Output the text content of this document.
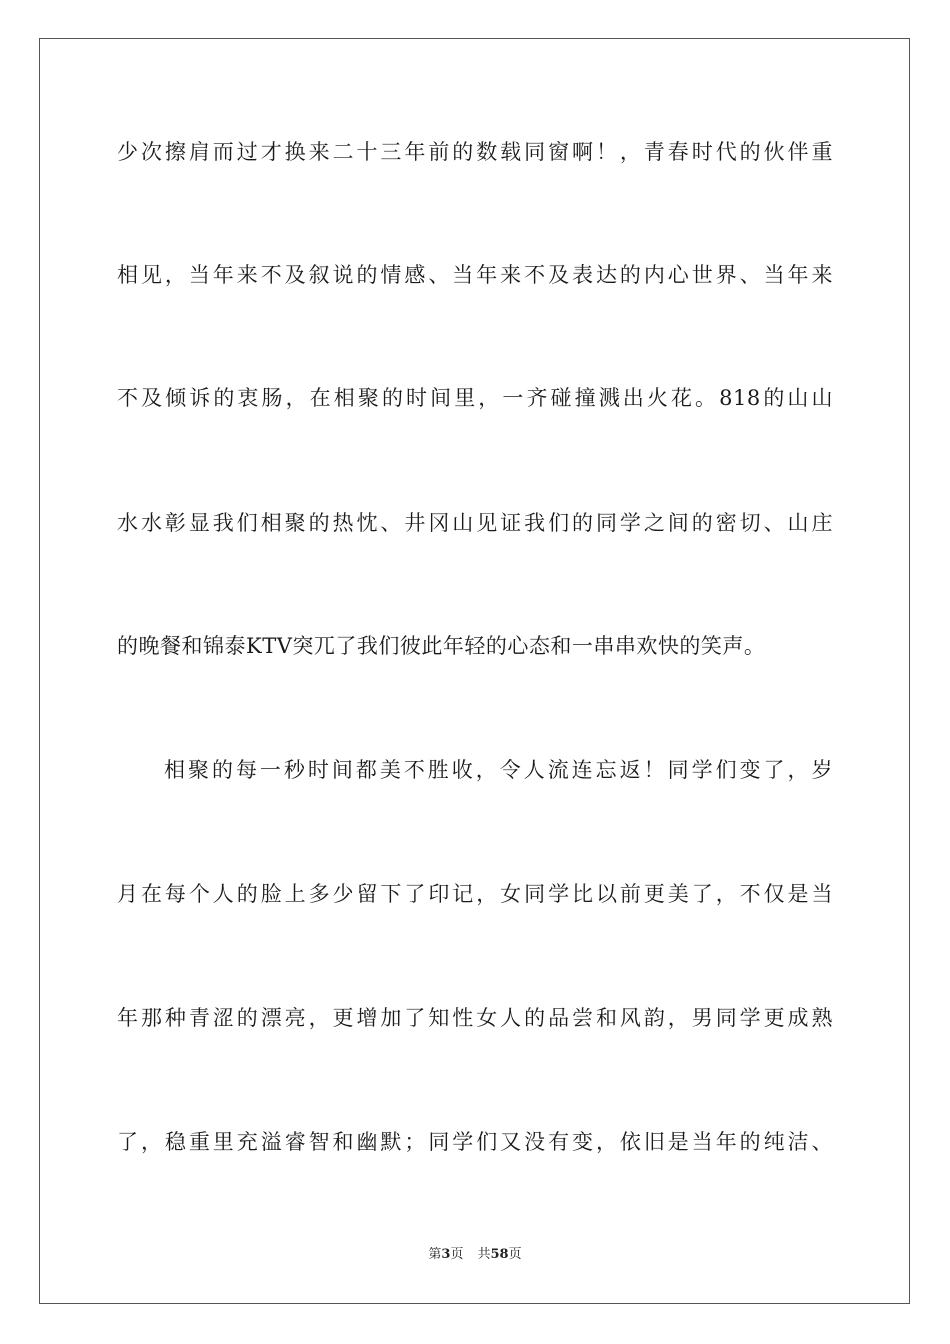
少次擦肩而过才换来二十三年前的数载同窗啊！，青春时代的伙伴重
相见，当年来不及叙说的情感、当年来不及表达的内心世界、当年来
不及倾诉的衷肠，在相聚的时间里，一齐碰撞溅出火花。818的山山
水水彰显我们相聚的热忱、井冈山见证我们的同学之间的密切、山庄
的晚餐和锦泰KTV突兀了我们彼此年轻的心态和一串串欢快的笑声。
相聚的每一秒时间都美不胜收，令人流连忘返！同学们变了，岁
月在每个人的脸上多少留下了印记，女同学比以前更美了，不仅是当
年那种青涩的漂亮，更增加了知性女人的品尝和风韵，男同学更成熟
了，稳重里充溢睿智和幽默；同学们又没有变，依旧是当年的纯洁、
第3页 共58页
